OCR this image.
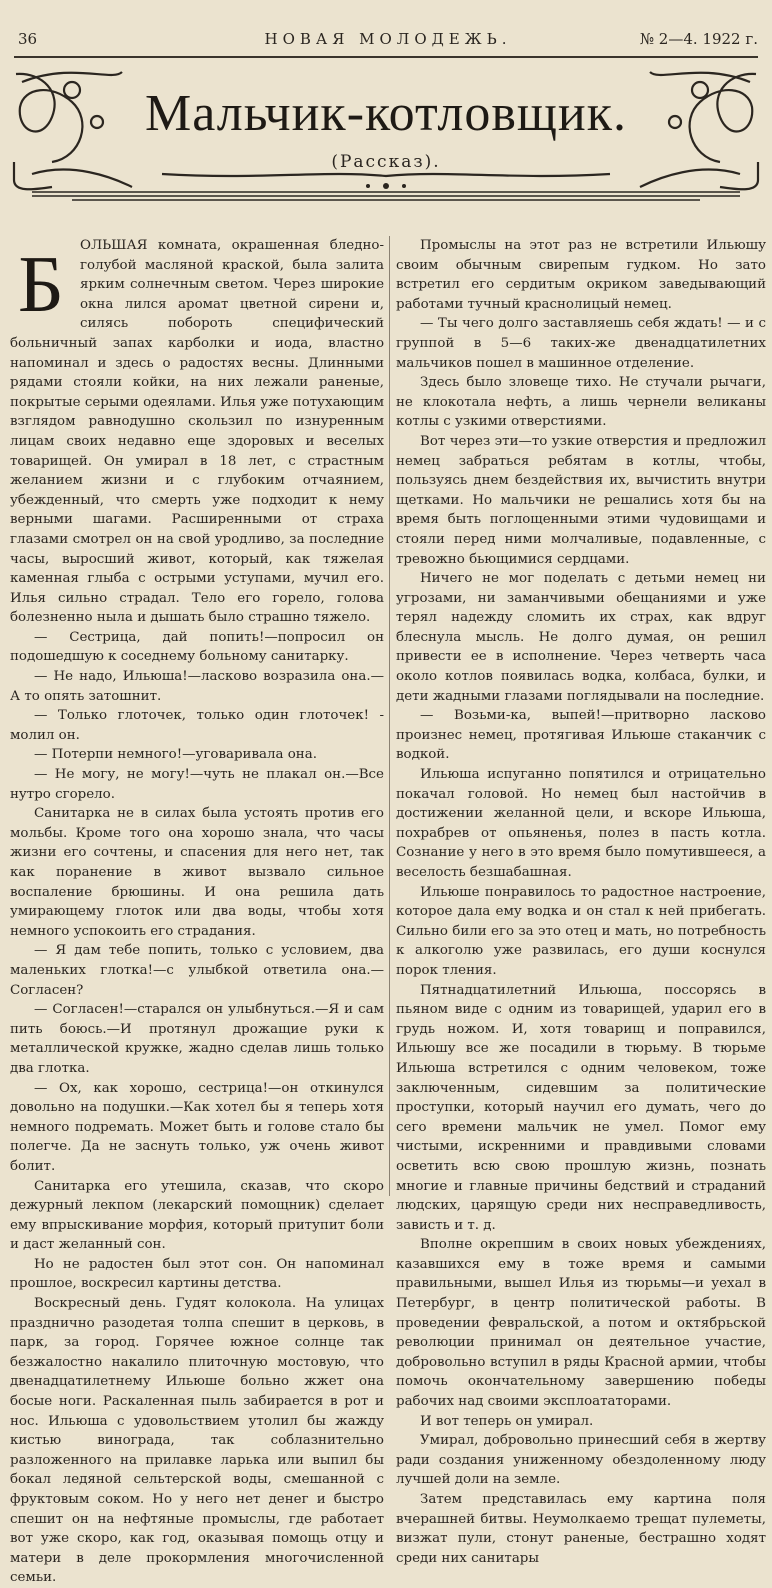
36	НОВАЯ МОЛОДЕЖЬ.	№ 2—4. 1922 г.
Мальчик-котловщик.
(Рассказ).

Б	ОЛЬШАЯ комната, окрашенная бледно-голубой масляной краской, была залита ярким солнечным светом. Через широкие окна лился аромат цветной сирени и, силясь побороть специфический больничный запах карболки и иода, властно напоминал и здесь о радостях весны. Длинными рядами стояли койки, на них лежали раненые, покрытые серыми одеялами. Илья уже потухающим взглядом равнодушно скользил по изнуренным лицам своих недавно еще здоровых и веселых товарищей. Он умирал в 18 лет, с страстным желанием жизни и с глубоким отчаянием, убежденный, что смерть уже подходит к нему верными шагами. Расширенными от страха глазами смотрел он на свой уродливо, за последние часы, выросший живот, который, как тяжелая каменная глыба с острыми уступами, мучил его. Илья сильно страдал. Тело его горело, голова болезненно ныла и дышать было страшно тяжело.

— Сестрица, дай попить!—попросил он подошедшую к соседнему больному санитарку.

— Не надо, Ильюша!—ласково возразила она.—А то опять затошнит.

— Только глоточек, только один глоточек! - молил он.

— Потерпи немного!—уговаривала она.

— Не могу, не могу!—чуть не плакал он.—Все нутро сгорело.

Санитарка не в силах была устоять против его мольбы. Кроме того она хорошо знала, что часы жизни его сочтены, и спасения для него нет, так как поранение в живот вызвало сильное воспаление брюшины. И она решила дать умирающему глоток или два воды, чтобы хотя немного успокоить его страдания.

— Я дам тебе попить, только с условием, два маленьких глотка!—с улыбкой ответила она.—Согласен?

— Согласен!—старался он улыбнуться.—Я и сам пить боюсь.—И протянул дрожащие руки к металлической кружке, жадно сделав лишь только два глотка.

— Ох, как хорошо, сестрица!—он откинулся довольно на подушки.—Как хотел бы я теперь хотя немного подремать. Может быть и голове стало бы полегче. Да не заснуть только, уж очень живот болит.

Санитарка его утешила, сказав, что скоро дежурный лекпом (лекарский помощник) сделает ему впрыскивание морфия, который притупит боли и даст желанный сон.

Но не радостен был этот сон. Он напоминал прошлое, воскресил картины детства.

Воскресный день. Гудят колокола. На улицах празднично разодетая толпа спешит в церковь, в парк, за город. Горячее южное солнце так безжалостно накалило плиточную мостовую, что двенадцатилетнему Ильюше больно жжет она босые ноги. Раскаленная пыль забирается в рот и нос. Ильюша с удовольствием утолил бы жажду кистью винограда, так соблазнительно разложенного на прилавке ларька или выпил бы бокал ледяной сельтерской воды, смешанной с фруктовым соком. Но у него нет денег и быстро спешит он на нефтяные промыслы, где работает вот уже скоро, как год, оказывая помощь отцу и матери в деле прокормления многочисленной семьи.

Промыслы на этот раз не встретили Ильюшу своим обычным свирепым гудком. Но зато встретил его сердитым окриком заведывающий работами тучный краснолицый немец.

— Ты чего долго заставляешь себя ждать! — и с группой в 5—6 таких-же двенадцатилетних мальчиков пошел в машинное отделение.

Здесь было зловеще тихо. Не стучали рычаги, не клокотала нефть, а лишь чернели великаны котлы с узкими отверстиями.

Вот через эти—то узкие отверстия и предложил немец забраться ребятам в котлы, чтобы, пользуясь днем бездействия их, вычистить внутри щетками. Но мальчики не решались хотя бы на время быть поглощенными этими чудовищами и стояли перед ними молчаливые, подавленные, с тревожно бьющимися сердцами.

Ничего не мог поделать с детьми немец ни угрозами, ни заманчивыми обещаниями и уже терял надежду сломить их страх, как вдруг блеснула мысль. Не долго думая, он решил привести ее в исполнение. Через четверть часа около котлов появилась водка, колбаса, булки, и дети жадными глазами поглядывали на последние.

— Возьми-ка, выпей!—притворно ласково произнес немец, протягивая Ильюше стаканчик с водкой.

Ильюша испуганно попятился и отрицательно покачал головой. Но немец был настойчив в достижении желанной цели, и вскоре Ильюша, похрабрев от опьяненья, полез в пасть котла. Сознание у него в это время было помутившееся, а веселость безшабашная.

Ильюше понравилось то радостное настроение, которое дала ему водка и он стал к ней прибегать. Сильно били его за это отец и мать, но потребность к алкоголю уже развилась, его души коснулся порок тления.

Пятнадцатилетний Ильюша, поссорясь в пьяном виде с одним из товарищей, ударил его в грудь ножом. И, хотя товарищ и поправился, Ильюшу все же посадили в тюрьму. В тюрьме Ильюша встретился с одним человеком, тоже заключенным, сидевшим за политические проступки, который научил его думать, чего до сего времени мальчик не умел. Помог ему чистыми, искренними и правдивыми словами осветить всю свою прошлую жизнь, познать многие и главные причины бедствий и страданий людских, царящую среди них несправедливость, зависть и т. д.

Вполне окрепшим в своих новых убеждениях, казавшихся ему в тоже время и самыми правильными, вышел Илья из тюрьмы—и уехал в Петербург, в центр политической работы. В проведении февральской, а потом и октябрьской революции принимал он деятельное участие, добровольно вступил в ряды Красной армии, чтобы помочь окончательному завершению победы рабочих над своими эксплоататорами.

И вот теперь он умирал.

Умирал, добровольно принесший себя в жертву ради создания униженному обездоленному люду лучшей доли на земле.

Затем представилась ему картина поля вчерашней битвы. Неумолкаемо трещат пулеметы, визжат пули, стонут раненые, бестрашно ходят среди них санитары
